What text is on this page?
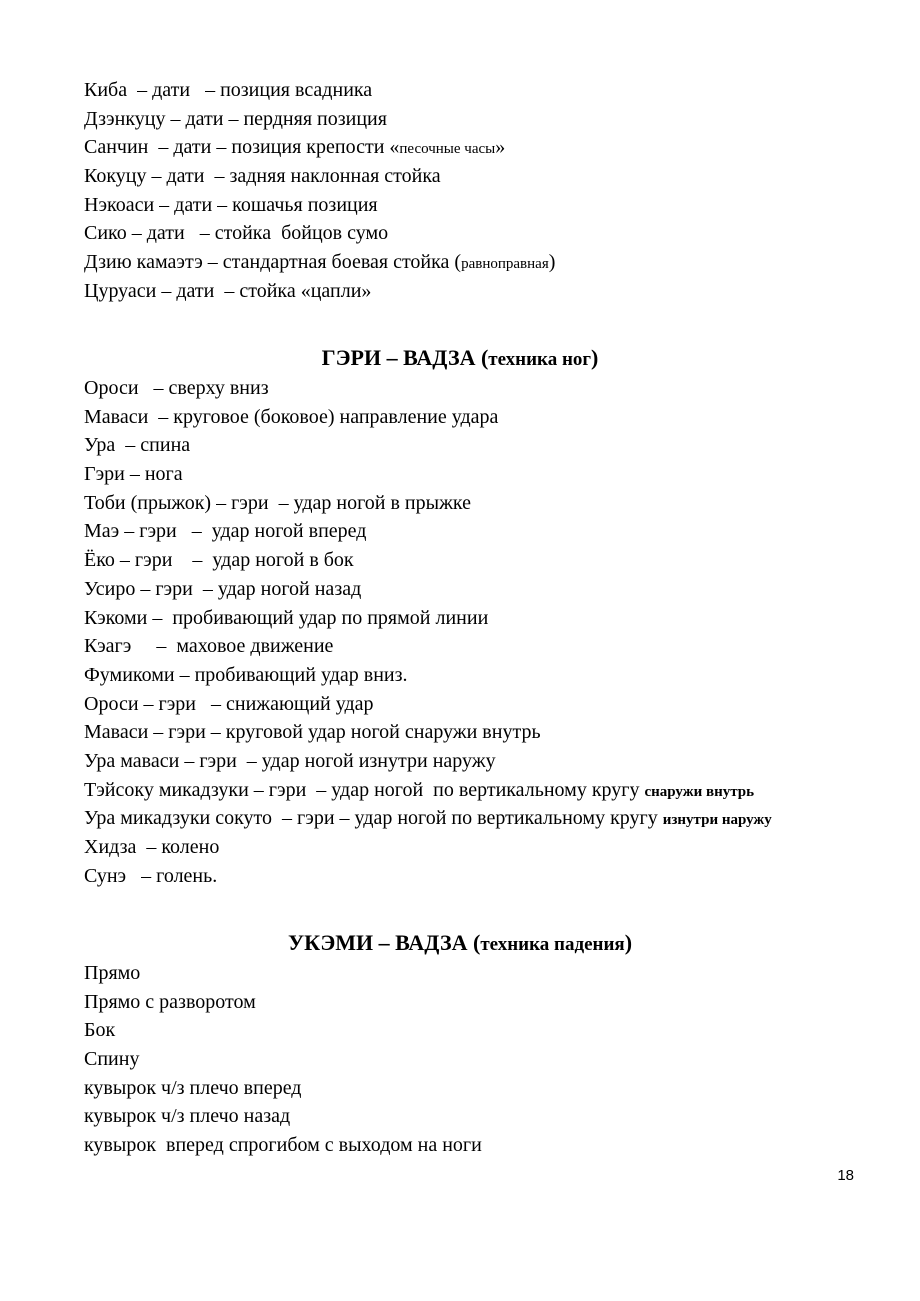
Киба  – дати   – позиция всадника
Дзэнкуцу – дати – пердняя позиция
Санчин  – дати – позиция крепости «песочные часы»
Кокуцу – дати  – задняя наклонная стойка
Нэкоаси – дати – кошачья позиция
Сико – дати   – стойка  бойцов сумо
Дзию камаэтэ – стандартная боевая стойка (равноправная)
Цуруаси – дати  – стойка «цапли»
ГЭРИ – ВАДЗА (техника ног)
Ороси   – сверху вниз
Маваси  – круговое (боковое) направление удара
Ура  – спина
Гэри – нога
Тоби (прыжок) – гэри  – удар ногой в прыжке
Маэ – гэри   –  удар ногой вперед
Ёко – гэри    –  удар ногой в бок
Усиро – гэри  – удар ногой назад
Кэкоми –  пробивающий удар по прямой линии
Кэагэ     –  маховое движение
Фумикоми – пробивающий удар вниз.
Ороси – гэри   – снижающий удар
Маваси – гэри – круговой удар ногой снаружи внутрь
Ура маваси – гэри  – удар ногой изнутри наружу
Тэйсоку микадзуки – гэри  – удар ногой  по вертикальному кругу снаружи внутрь
Ура микадзуки сокуто  – гэри – удар ногой по вертикальному кругу изнутри наружу
Хидза  – колено
Сунэ   – голень.
УКЭМИ – ВАДЗА (техника падения)
Прямо
Прямо с разворотом
Бок
Спину
кувырок ч/з плечо вперед
кувырок ч/з плечо назад
кувырок  вперед спрогибом с выходом на ноги
18
